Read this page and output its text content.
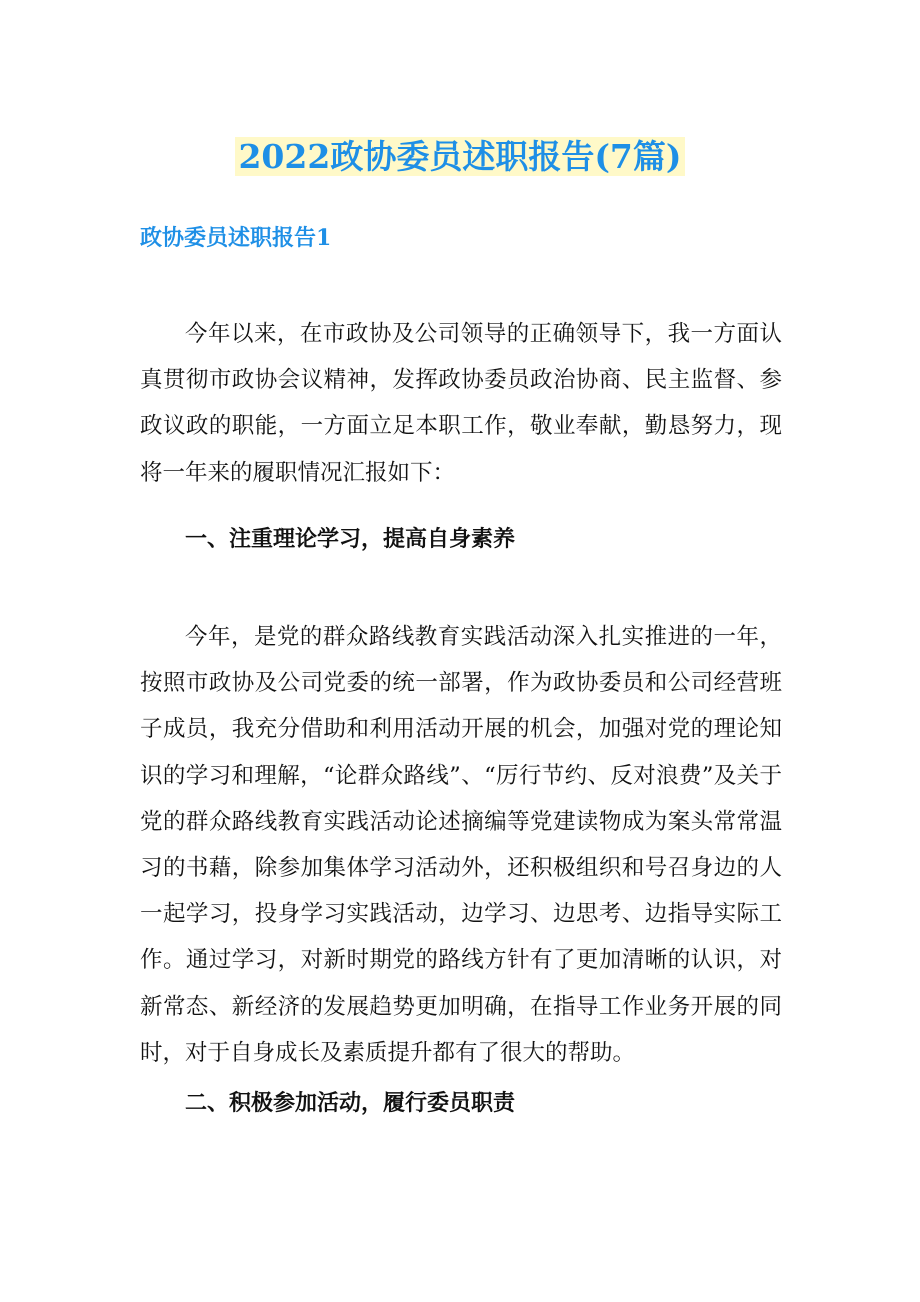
2022政协委员述职报告(7篇)
政协委员述职报告1

今年以来，在市政协及公司领导的正确领导下，我一方面认真贯彻市政协会议精神，发挥政协委员政治协商、民主监督、参政议政的职能，一方面立足本职工作，敬业奉献，勤恳努力，现将一年来的履职情况汇报如下：

一、注重理论学习，提高自身素养

今年，是党的群众路线教育实践活动深入扎实推进的一年，按照市政协及公司党委的统一部署，作为政协委员和公司经营班子成员，我充分借助和利用活动开展的机会，加强对党的理论知识的学习和理解，“论群众路线”、“厉行节约、反对浪费”及关于党的群众路线教育实践活动论述摘编等党建读物成为案头常常温习的书藉，除参加集体学习活动外，还积极组织和号召身边的人一起学习，投身学习实践活动，边学习、边思考、边指导实际工作。通过学习，对新时期党的路线方针有了更加清晰的认识，对新常态、新经济的发展趋势更加明确，在指导工作业务开展的同时，对于自身成长及素质提升都有了很大的帮助。

二、积极参加活动，履行委员职责
